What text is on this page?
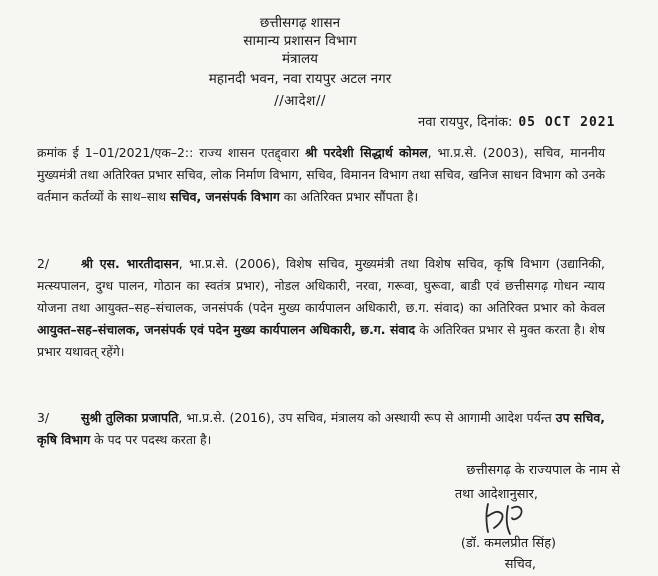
छत्तीसगढ़ शासन
सामान्य प्रशासन विभाग
मंत्रालय
महानदी भवन, नवा रायपुर अटल नगर
//आदेश//
नवा रायपुर, दिनांक: 05 OCT 2021
क्रमांक ई 1–01/2021/एक–2:: राज्य शासन एतद्द्वारा श्री परदेशी सिद्धार्थ कोमल, भा.प्र.से. (2003), सचिव, माननीय मुख्यमंत्री तथा अतिरिक्त प्रभार सचिव, लोक निर्माण विभाग, सचिव, विमानन विभाग तथा सचिव, खनिज साधन विभाग को उनके वर्तमान कर्तव्यों के साथ–साथ सचिव, जनसंपर्क विभाग का अतिरिक्त प्रभार सौंपता है।
2/	श्री एस. भारतीदासन, भा.प्र.से. (2006), विशेष सचिव, मुख्यमंत्री तथा विशेष सचिव, कृषि विभाग (उद्यानिकी, मत्स्यपालन, दुग्ध पालन, गोठान का स्वतंत्र प्रभार), नोडल अधिकारी, नरवा, गरूवा, घुरूवा, बाडी एवं छत्तीसगढ़ गोधन न्याय योजना तथा आयुक्त–सह–संचालक, जनसंपर्क (पदेन मुख्य कार्यपालन अधिकारी, छ.ग. संवाद) का अतिरिक्त प्रभार को केवल आयुक्त–सह–संचालक, जनसंपर्क एवं पदेन मुख्य कार्यपालन अधिकारी, छ.ग. संवाद के अतिरिक्त प्रभार से मुक्त करता है। शेष प्रभार यथावत् रहेंगे।
3/	सुश्री तुलिका प्रजापति, भा.प्र.से. (2016), उप सचिव, मंत्रालय को अस्थायी रूप से आगामी आदेश पर्यन्त उप सचिव, कृषि विभाग के पद पर पदस्थ करता है।
छत्तीसगढ़ के राज्यपाल के नाम से
तथा आदेशानुसार,
(डॉ. कमलप्रीत सिंह)
सचिव,
